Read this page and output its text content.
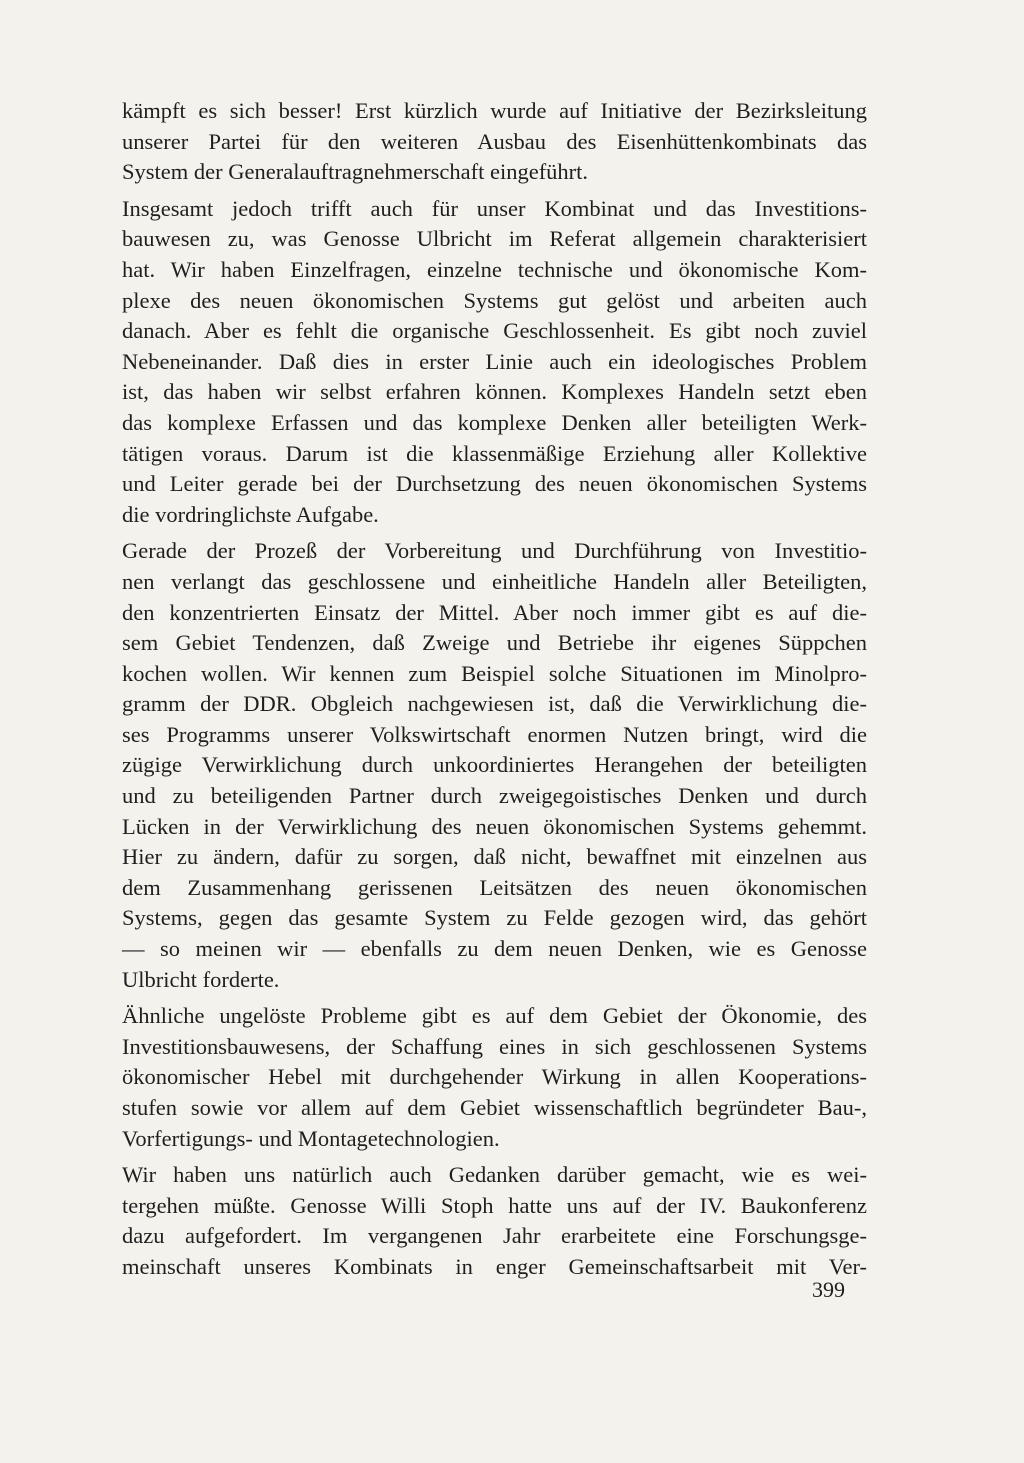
kämpft es sich besser! Erst kürzlich wurde auf Initiative der Bezirksleitung
unserer Partei für den weiteren Ausbau des Eisenhüttenkombinats das
System der Generalauftragnehmerschaft eingeführt.
Insgesamt jedoch trifft auch für unser Kombinat und das Investitions-
bauwesen zu, was Genosse Ulbricht im Referat allgemein charakterisiert
hat. Wir haben Einzelfragen, einzelne technische und ökonomische Kom-
plexe des neuen ökonomischen Systems gut gelöst und arbeiten auch
danach. Aber es fehlt die organische Geschlossenheit. Es gibt noch zuviel
Nebeneinander. Daß dies in erster Linie auch ein ideologisches Problem
ist, das haben wir selbst erfahren können. Komplexes Handeln setzt eben
das komplexe Erfassen und das komplexe Denken aller beteiligten Werk-
tätigen voraus. Darum ist die klassenmäßige Erziehung aller Kollektive
und Leiter gerade bei der Durchsetzung des neuen ökonomischen Systems
die vordringlichste Aufgabe.
Gerade der Prozeß der Vorbereitung und Durchführung von Investitio-
nen verlangt das geschlossene und einheitliche Handeln aller Beteiligten,
den konzentrierten Einsatz der Mittel. Aber noch immer gibt es auf die-
sem Gebiet Tendenzen, daß Zweige und Betriebe ihr eigenes Süppchen
kochen wollen. Wir kennen zum Beispiel solche Situationen im Minolpro-
gramm der DDR. Obgleich nachgewiesen ist, daß die Verwirklichung die-
ses Programms unserer Volkswirtschaft enormen Nutzen bringt, wird die
zügige Verwirklichung durch unkoordiniertes Herangehen der beteiligten
und zu beteiligenden Partner durch zweigegoistisches Denken und durch
Lücken in der Verwirklichung des neuen ökonomischen Systems gehemmt.
Hier zu ändern, dafür zu sorgen, daß nicht, bewaffnet mit einzelnen aus
dem Zusammenhang gerissenen Leitsätzen des neuen ökonomischen
Systems, gegen das gesamte System zu Felde gezogen wird, das gehört
— so meinen wir — ebenfalls zu dem neuen Denken, wie es Genosse
Ulbricht forderte.
Ähnliche ungelöste Probleme gibt es auf dem Gebiet der Ökonomie, des
Investitionsbauwesens, der Schaffung eines in sich geschlossenen Systems
ökonomischer Hebel mit durchgehender Wirkung in allen Kooperations-
stufen sowie vor allem auf dem Gebiet wissenschaftlich begründeter Bau-,
Vorfertigungs- und Montagetechnologien.
Wir haben uns natürlich auch Gedanken darüber gemacht, wie es wei-
tergehen müßte. Genosse Willi Stoph hatte uns auf der IV. Baukonferenz
dazu aufgefordert. Im vergangenen Jahr erarbeitete eine Forschungsge-
meinschaft unseres Kombinats in enger Gemeinschaftsarbeit mit Ver-
399
